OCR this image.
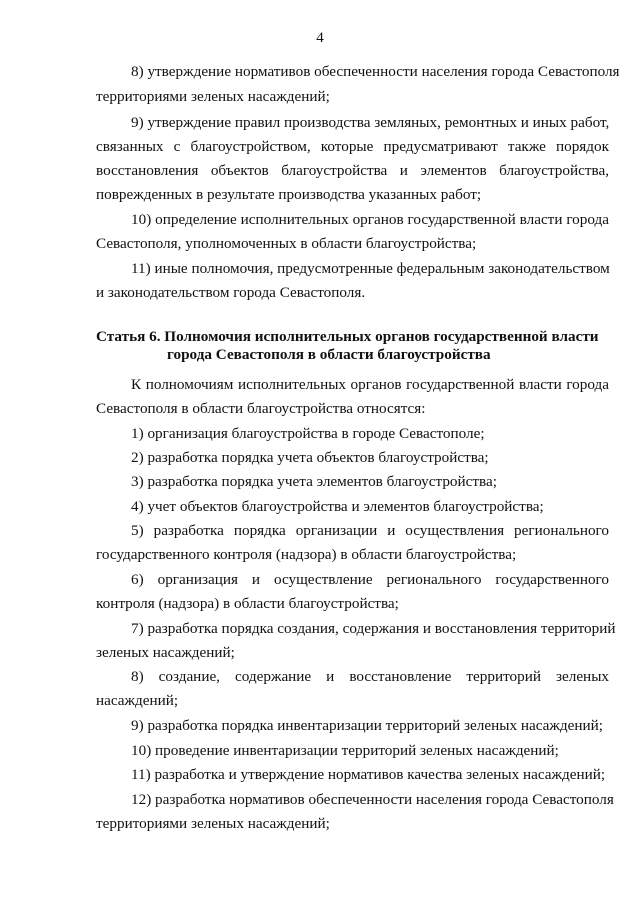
4
8) утверждение нормативов обеспеченности населения города Севастополя
территориями зеленых насаждений;
9) утверждение правил производства земляных, ремонтных и иных работ,
связанных с благоустройством, которые предусматривают также порядок
восстановления объектов благоустройства и элементов благоустройства,
поврежденных в результате производства указанных работ;
10) определение исполнительных органов государственной власти города
Севастополя, уполномоченных в области благоустройства;
11) иные полномочия, предусмотренные федеральным законодательством
и законодательством города Севастополя.
Статья 6. Полномочия исполнительных органов государственной власти
города Севастополя в области благоустройства
К полномочиям исполнительных органов государственной власти города
Севастополя в области благоустройства относятся:
1) организация благоустройства в городе Севастополе;
2) разработка порядка учета объектов благоустройства;
3) разработка порядка учета элементов благоустройства;
4) учет объектов благоустройства и элементов благоустройства;
5) разработка порядка организации и осуществления регионального
государственного контроля (надзора) в области благоустройства;
6) организация и осуществление регионального государственного
контроля (надзора) в области благоустройства;
7) разработка порядка создания, содержания и восстановления территорий
зеленых насаждений;
8) создание, содержание и восстановление территорий зеленых
насаждений;
9) разработка порядка инвентаризации территорий зеленых насаждений;
10) проведение инвентаризации территорий зеленых насаждений;
11) разработка и утверждение нормативов качества зеленых насаждений;
12) разработка нормативов обеспеченности населения города Севастополя
территориями зеленых насаждений;
